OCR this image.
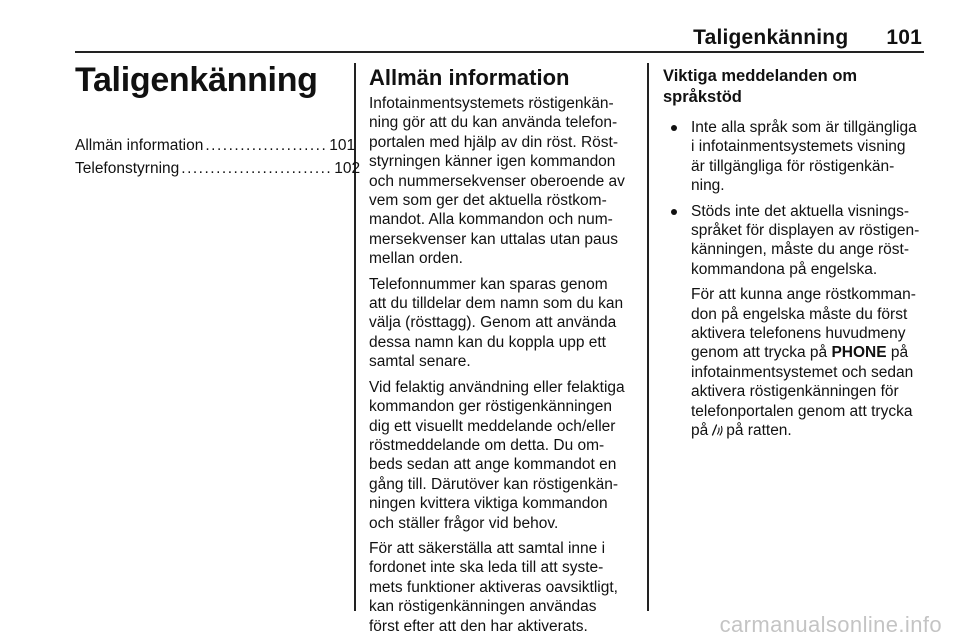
Taligenkänning 101
Taligenkänning
Allmän information ..................... 101
Telefonstyrning .......................... 102
Allmän information

Infotainmentsystemets röstigenkän-
ning gör att du kan använda telefon-
portalen med hjälp av din röst. Röst-
styrningen känner igen kommandon
och nummersekvenser oberoende av
vem som ger det aktuella röstkom-
mandot. Alla kommandon och num-
mersekvenser kan uttalas utan paus
mellan orden.

Telefonnummer kan sparas genom
att du tilldelar dem namn som du kan
välja (rösttagg). Genom att använda
dessa namn kan du koppla upp ett
samtal senare.

Vid felaktig användning eller felaktiga
kommandon ger röstigenkänningen
dig ett visuellt meddelande och/eller
röstmeddelande om detta. Du om-
beds sedan att ange kommandot en
gång till. Därutöver kan röstigenkän-
ningen kvittera viktiga kommandon
och ställer frågor vid behov.

För att säkerställa att samtal inne i
fordonet inte ska leda till att syste-
mets funktioner aktiveras oavsiktligt,
kan röstigenkänningen användas
först efter att den har aktiverats.

Viktiga meddelanden om
språkstöd
Inte alla språk som är tillgängliga
i infotainmentsystemets visning
är tillgängliga för röstigenkän-
ning.
Stöds inte det aktuella visnings-
språket för displayen av röstigen-
känningen, måste du ange röst-
kommandona på engelska.

För att kunna ange röstkomman-
don på engelska måste du först
aktivera telefonens huvudmeny
genom att trycka på PHONE på
infotainmentsystemet och sedan
aktivera röstigenkänningen för
telefonportalen genom att trycka
på på ratten.

carmanualsonline.info
